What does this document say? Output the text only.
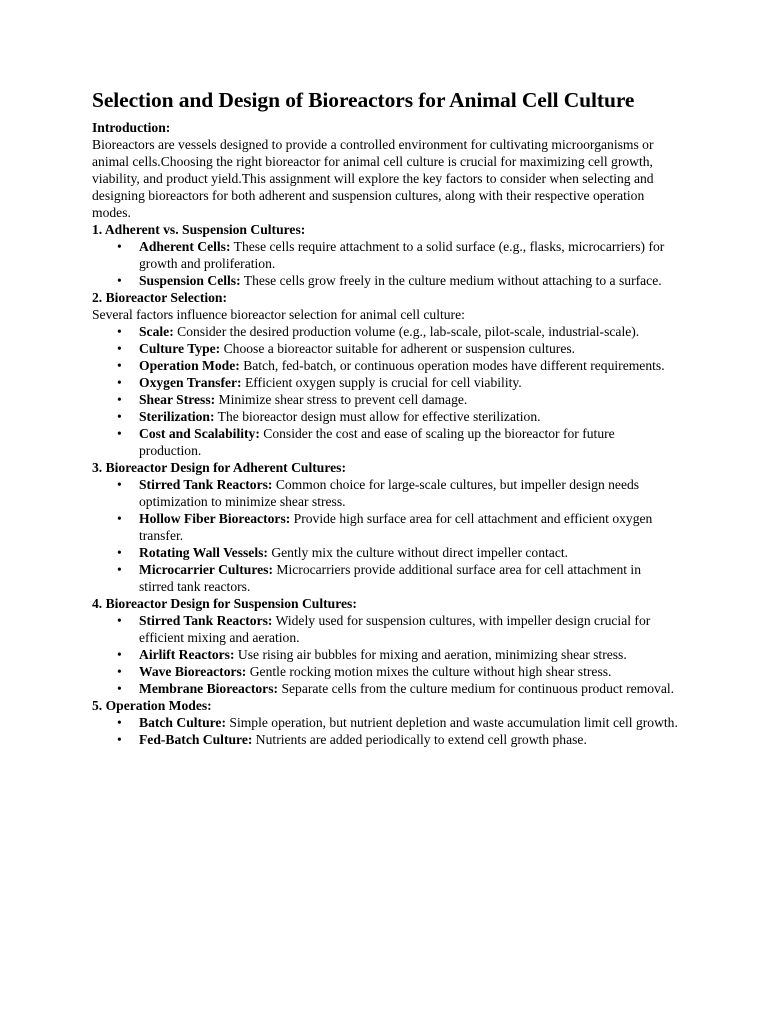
Selection and Design of Bioreactors for Animal Cell Culture
Introduction:

Bioreactors are vessels designed to provide a controlled environment for cultivating microorganisms or animal cells.Choosing the right bioreactor for animal cell culture is crucial for maximizing cell growth, viability, and product yield.This assignment will explore the key factors to consider when selecting and designing bioreactors for both adherent and suspension cultures, along with their respective operation modes.

1. Adherent vs. Suspension Cultures:
• Adherent Cells: These cells require attachment to a solid surface (e.g., flasks, microcarriers) for growth and proliferation.
• Suspension Cells: These cells grow freely in the culture medium without attaching to a surface.
2. Bioreactor Selection:

Several factors influence bioreactor selection for animal cell culture:

• Scale: Consider the desired production volume (e.g., lab-scale, pilot-scale, industrial-scale).
• Culture Type: Choose a bioreactor suitable for adherent or suspension cultures.
• Operation Mode: Batch, fed-batch, or continuous operation modes have different requirements.
• Oxygen Transfer: Efficient oxygen supply is crucial for cell viability.
• Shear Stress: Minimize shear stress to prevent cell damage.
• Sterilization: The bioreactor design must allow for effective sterilization.
• Cost and Scalability: Consider the cost and ease of scaling up the bioreactor for future production.
3. Bioreactor Design for Adherent Cultures:
• Stirred Tank Reactors: Common choice for large-scale cultures, but impeller design needs optimization to minimize shear stress.
• Hollow Fiber Bioreactors: Provide high surface area for cell attachment and efficient oxygen transfer.
• Rotating Wall Vessels: Gently mix the culture without direct impeller contact.
• Microcarrier Cultures: Microcarriers provide additional surface area for cell attachment in stirred tank reactors.
4. Bioreactor Design for Suspension Cultures:
• Stirred Tank Reactors: Widely used for suspension cultures, with impeller design crucial for efficient mixing and aeration.
• Airlift Reactors: Use rising air bubbles for mixing and aeration, minimizing shear stress.
• Wave Bioreactors: Gentle rocking motion mixes the culture without high shear stress.
• Membrane Bioreactors: Separate cells from the culture medium for continuous product removal.
5. Operation Modes:
• Batch Culture: Simple operation, but nutrient depletion and waste accumulation limit cell growth.
• Fed-Batch Culture: Nutrients are added periodically to extend cell growth phase.
